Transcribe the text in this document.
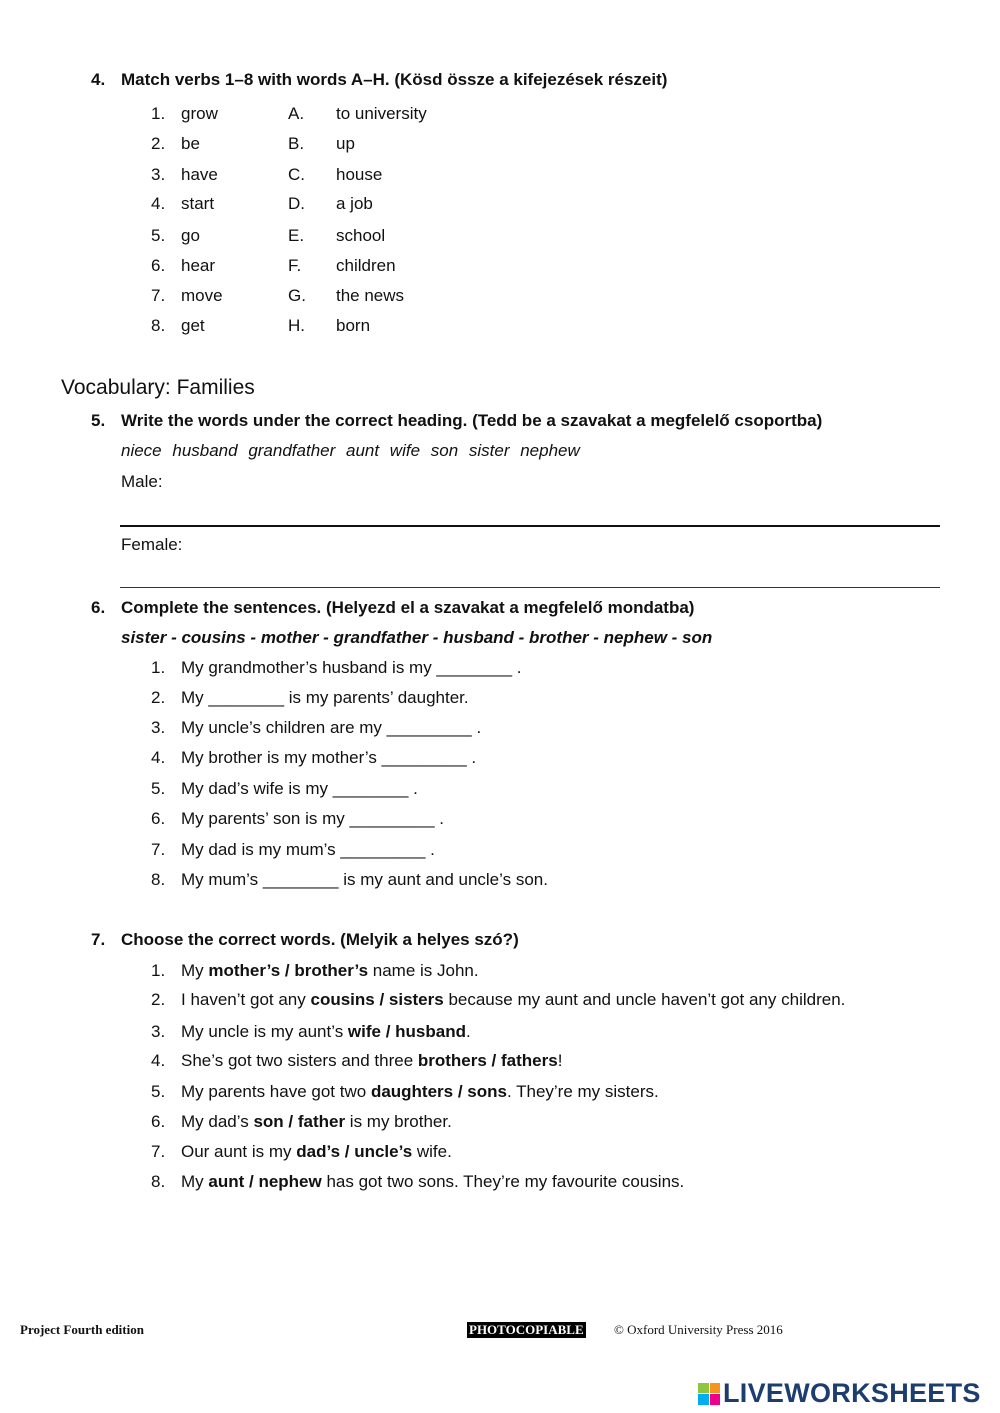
4. Match verbs 1–8 with words A–H. (Kösd össze a kifejezések részeit)
1. grow	A. to university
2. be	B. up
3. have	C. house
4. start	D. a job
5. go	E. school
6. hear	F. children
7. move	G. the news
8. get	H. born
Vocabulary: Families
5. Write the words under the correct heading. (Tedd be a szavakat a megfelelő csoportba)
niece husband grandfather aunt wife son sister nephew
Male:
Female:
6. Complete the sentences. (Helyezd el a szavakat a megfelelő mondatba)
sister - cousins - mother - grandfather - husband - brother - nephew - son
1. My grandmother’s husband is my ________ .
2. My ________ is my parents’ daughter.
3. My uncle’s children are my _________ .
4. My brother is my mother’s _________ .
5. My dad’s wife is my ________ .
6. My parents’ son is my _________ .
7. My dad is my mum’s _________ .
8. My mum’s ________ is my aunt and uncle’s son.
7. Choose the correct words. (Melyik a helyes szó?)
1. My mother’s / brother’s name is John.
2. I haven’t got any cousins / sisters because my aunt and uncle haven’t got any children.
3. My uncle is my aunt’s wife / husband.
4. She’s got two sisters and three brothers / fathers!
5. My parents have got two daughters / sons. They’re my sisters.
6. My dad’s son / father is my brother.
7. Our aunt is my dad’s / uncle’s wife.
8. My aunt / nephew has got two sons. They’re my favourite cousins.
Project Fourth edition	PHOTOCOPIABLE © Oxford University Press 2016
LIVEWORKSHEETS
